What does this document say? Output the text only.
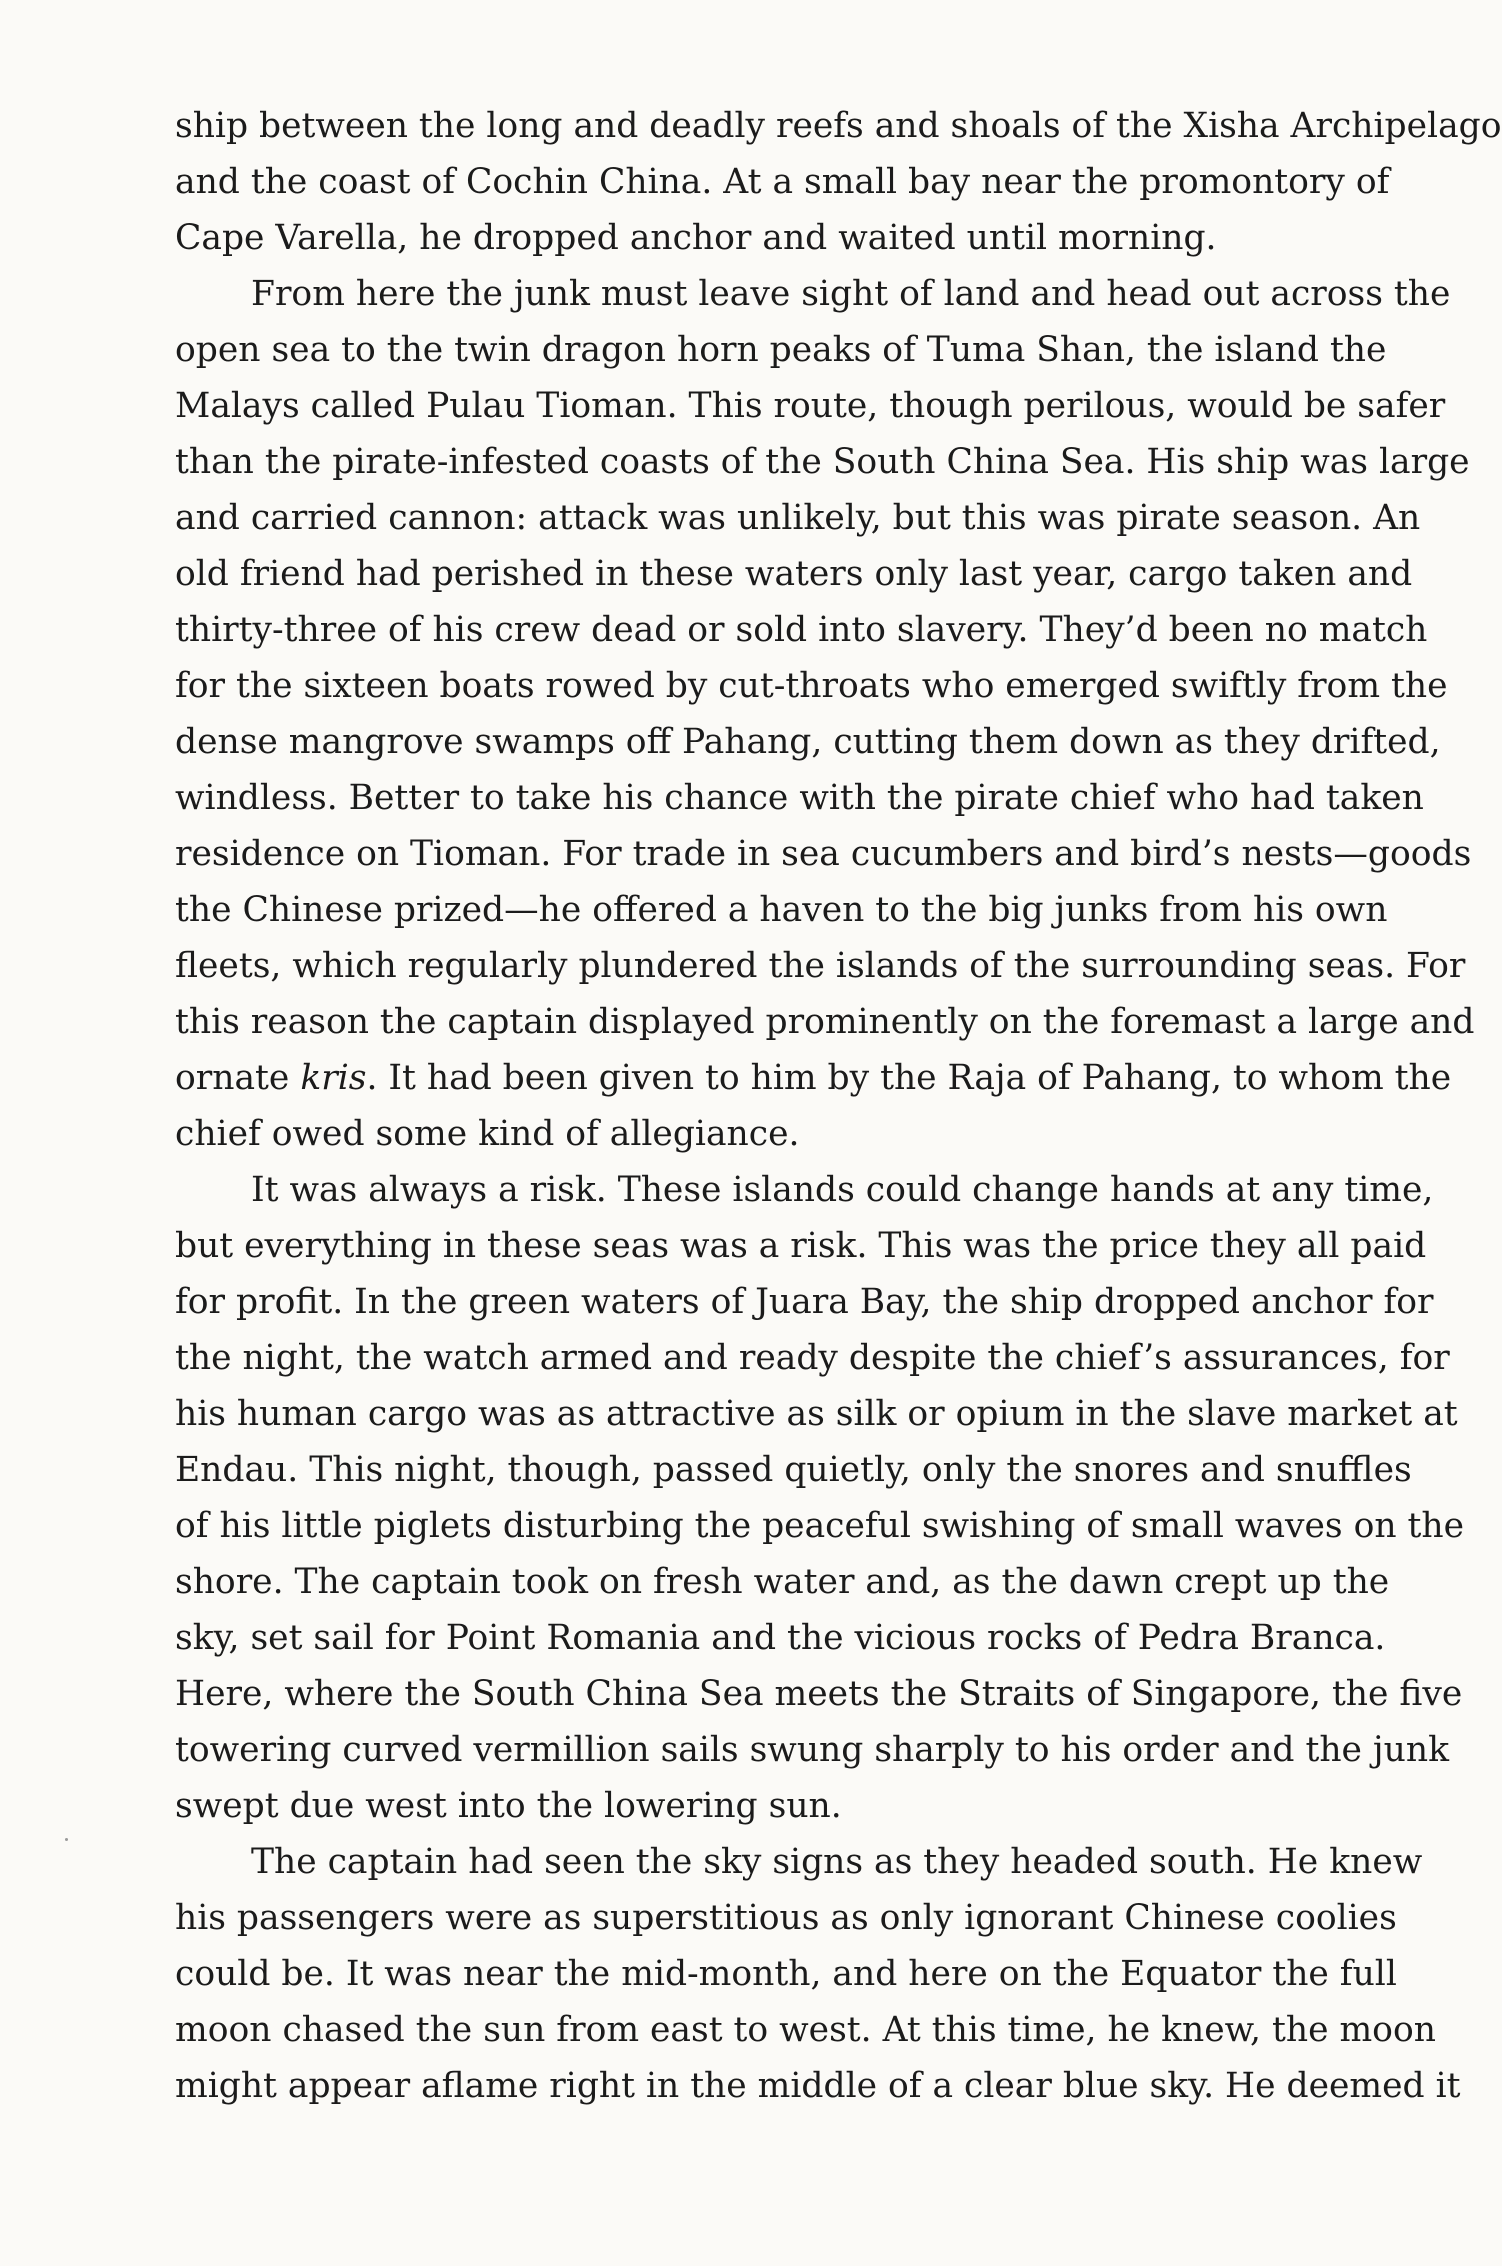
ship between the long and deadly reefs and shoals of the Xisha Archipelago
and the coast of Cochin China. At a small bay near the promontory of
Cape Varella, he dropped anchor and waited until morning.
From here the junk must leave sight of land and head out across the
open sea to the twin dragon horn peaks of Tuma Shan, the island the
Malays called Pulau Tioman. This route, though perilous, would be safer
than the pirate-infested coasts of the South China Sea. His ship was large
and carried cannon: attack was unlikely, but this was pirate season. An
old friend had perished in these waters only last year, cargo taken and
thirty-three of his crew dead or sold into slavery. They’d been no match
for the sixteen boats rowed by cut-throats who emerged swiftly from the
dense mangrove swamps off Pahang, cutting them down as they drifted,
windless. Better to take his chance with the pirate chief who had taken
residence on Tioman. For trade in sea cucumbers and bird’s nests—goods
the Chinese prized—he offered a haven to the big junks from his own
fleets, which regularly plundered the islands of the surrounding seas. For
this reason the captain displayed prominently on the foremast a large and
ornate kris. It had been given to him by the Raja of Pahang, to whom the
chief owed some kind of allegiance.
It was always a risk. These islands could change hands at any time,
but everything in these seas was a risk. This was the price they all paid
for profit. In the green waters of Juara Bay, the ship dropped anchor for
the night, the watch armed and ready despite the chief’s assurances, for
his human cargo was as attractive as silk or opium in the slave market at
Endau. This night, though, passed quietly, only the snores and snuffles
of his little piglets disturbing the peaceful swishing of small waves on the
shore. The captain took on fresh water and, as the dawn crept up the
sky, set sail for Point Romania and the vicious rocks of Pedra Branca.
Here, where the South China Sea meets the Straits of Singapore, the five
towering curved vermillion sails swung sharply to his order and the junk
swept due west into the lowering sun.
The captain had seen the sky signs as they headed south. He knew
his passengers were as superstitious as only ignorant Chinese coolies
could be. It was near the mid-month, and here on the Equator the full
moon chased the sun from east to west. At this time, he knew, the moon
might appear aflame right in the middle of a clear blue sky. He deemed it
